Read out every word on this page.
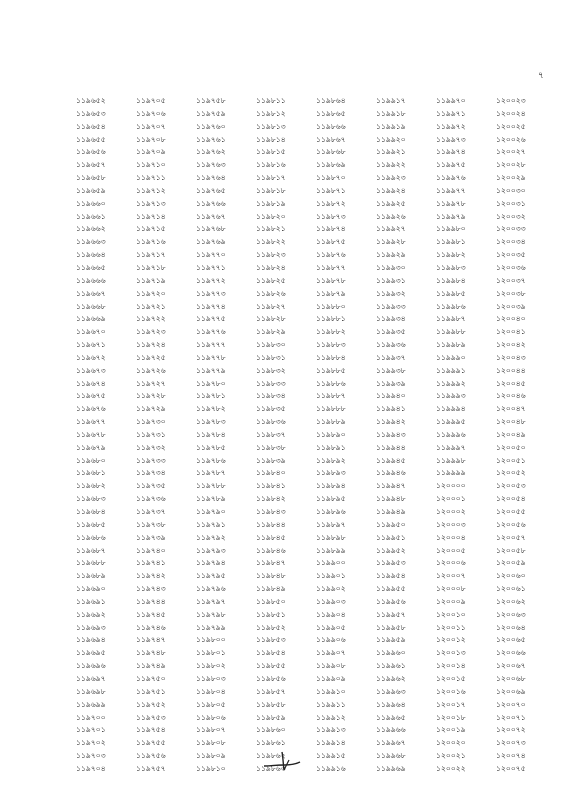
৭
১১৯৬৫২
১১৯৬৫৩
১১৯৬৫৪
১১৯৬৫৫
১১৯৬৫৬
১১৯৬৫৭
১১৯৬৫৮
১১৯৬৫৯
১১৯৬৬০
১১৯৬৬১
১১৯৬৬২
১১৯৬৬৩
১১৯৬৬৪
১১৯৬৬৫
১১৯৬৬৬
১১৯৬৬৭
১১৯৬৬৮
১১৯৬৬৯
১১৯৬৭০
১১৯৬৭১
১১৯৬৭২
১১৯৬৭৩
১১৯৬৭৪
১১৯৬৭৫
১১৯৬৭৬
১১৯৬৭৭
১১৯৬৭৮
১১৯৬৭৯
১১৯৬৮০
১১৯৬৮১
১১৯৬৮২
১১৯৬৮৩
১১৯৬৮৪
১১৯৬৮৫
১১৯৬৮৬
১১৯৬৮৭
১১৯৬৮৮
১১৯৬৮৯
১১৯৬৯০
১১৯৬৯১
১১৯৬৯২
১১৯৬৯৩
১১৯৬৯৪
১১৯৬৯৫
১১৯৬৯৬
১১৯৬৯৭
১১৯৬৯৮
১১৯৬৯৯
১১৯৭০০
১১৯৭০১
১১৯৭০২
১১৯৭০৩
১১৯৭০৪
১১৯৭০৫
১১৯৭০৬
১১৯৭০৭
১১৯৭০৮
১১৯৭০৯
১১৯৭১০
১১৯৭১১
১১৯৭১২
১১৯৭১৩
১১৯৭১৪
১১৯৭১৫
১১৯৭১৬
১১৯৭১৭
১১৯৭১৮
১১৯৭১৯
১১৯৭২০
১১৯৭২১
১১৯৭২২
১১৯৭২৩
১১৯৭২৪
১১৯৭২৫
১১৯৭২৬
১১৯৭২৭
১১৯৭২৮
১১৯৭২৯
১১৯৭৩০
১১৯৭৩১
১১৯৭৩২
১১৯৭৩৩
১১৯৭৩৪
১১৯৭৩৫
১১৯৭৩৬
১১৯৭৩৭
১১৯৭৩৮
১১৯৭৩৯
১১৯৭৪০
১১৯৭৪১
১১৯৭৪২
১১৯৭৪৩
১১৯৭৪৪
১১৯৭৪৫
১১৯৭৪৬
১১৯৭৪৭
১১৯৭৪৮
১১৯৭৪৯
১১৯৭৫০
১১৯৭৫১
১১৯৭৫২
১১৯৭৫৩
১১৯৭৫৪
১১৯৭৫৫
১১৯৭৫৬
১১৯৭৫৭
১১৯৭৫৮
১১৯৭৫৯
১১৯৭৬০
১১৯৭৬১
১১৯৭৬২
১১৯৭৬৩
১১৯৭৬৪
১১৯৭৬৫
১১৯৭৬৬
১১৯৭৬৭
১১৯৭৬৮
১১৯৭৬৯
১১৯৭৭০
১১৯৭৭১
১১৯৭৭২
১১৯৭৭৩
১১৯৭৭৪
১১৯৭৭৫
১১৯৭৭৬
১১৯৭৭৭
১১৯৭৭৮
১১৯৭৭৯
১১৯৭৮০
১১৯৭৮১
১১৯৭৮২
১১৯৭৮৩
১১৯৭৮৪
১১৯৭৮৫
১১৯৭৮৬
১১৯৭৮৭
১১৯৭৮৮
১১৯৭৮৯
১১৯৭৯০
১১৯৭৯১
১১৯৭৯২
১১৯৭৯৩
১১৯৭৯৪
১১৯৭৯৫
১১৯৭৯৬
১১৯৭৯৭
১১৯৭৯৮
১১৯৭৯৯
১১৯৮০০
১১৯৮০১
১১৯৮০২
১১৯৮০৩
১১৯৮০৪
১১৯৮০৫
১১৯৮০৬
১১৯৮০৭
১১৯৮০৮
১১৯৮০৯
১১৯৮১০
১১৯৮১১
১১৯৮১২
১১৯৮১৩
১১৯৮১৪
১১৯৮১৫
১১৯৮১৬
১১৯৮১৭
১১৯৮১৮
১১৯৮১৯
১১৯৮২০
১১৯৮২১
১১৯৮২২
১১৯৮২৩
১১৯৮২৪
১১৯৮২৫
১১৯৮২৬
১১৯৮২৭
১১৯৮২৮
১১৯৮২৯
১১৯৮৩০
১১৯৮৩১
১১৯৮৩২
১১৯৮৩৩
১১৯৮৩৪
১১৯৮৩৫
১১৯৮৩৬
১১৯৮৩৭
১১৯৮৩৮
১১৯৮৩৯
১১৯৮৪০
১১৯৮৪১
১১৯৮৪২
১১৯৮৪৩
১১৯৮৪৪
১১৯৮৪৫
১১৯৮৪৬
১১৯৮৪৭
১১৯৮৪৮
১১৯৮৪৯
১১৯৮৫০
১১৯৮৫১
১১৯৮৫২
১১৯৮৫৩
১১৯৮৫৪
১১৯৮৫৫
১১৯৮৫৬
১১৯৮৫৭
১১৯৮৫৮
১১৯৮৫৯
১১৯৮৬০
১১৯৮৬১
১১৯৮৬২
১১৯৮৬৩
১১৯৮৬৪
১১৯৮৬৫
১১৯৮৬৬
১১৯৮৬৭
১১৯৮৬৮
১১৯৮৬৯
১১৯৮৭০
১১৯৮৭১
১১৯৮৭২
১১৯৮৭৩
১১৯৮৭৪
১১৯৮৭৫
১১৯৮৭৬
১১৯৮৭৭
১১৯৮৭৮
১১৯৮৭৯
১১৯৮৮০
১১৯৮৮১
১১৯৮৮২
১১৯৮৮৩
১১৯৮৮৪
১১৯৮৮৫
১১৯৮৮৬
১১৯৮৮৭
১১৯৮৮৮
১১৯৮৮৯
১১৯৮৯০
১১৯৮৯১
১১৯৮৯২
১১৯৮৯৩
১১৯৮৯৪
১১৯৮৯৫
১১৯৮৯৬
১১৯৮৯৭
১১৯৮৯৮
১১৯৮৯৯
১১৯৯০০
১১৯৯০১
১১৯৯০২
১১৯৯০৩
১১৯৯০৪
১১৯৯০৫
১১৯৯০৬
১১৯৯০৭
১১৯৯০৮
১১৯৯০৯
১১৯৯১০
১১৯৯১১
১১৯৯১২
১১৯৯১৩
১১৯৯১৪
১১৯৯১৫
১১৯৯১৬
১১৯৯১৭
১১৯৯১৮
১১৯৯১৯
১১৯৯২০
১১৯৯২১
১১৯৯২২
১১৯৯২৩
১১৯৯২৪
১১৯৯২৫
১১৯৯২৬
১১৯৯২৭
১১৯৯২৮
১১৯৯২৯
১১৯৯৩০
১১৯৯৩১
১১৯৯৩২
১১৯৯৩৩
১১৯৯৩৪
১১৯৯৩৫
১১৯৯৩৬
১১৯৯৩৭
১১৯৯৩৮
১১৯৯৩৯
১১৯৯৪০
১১৯৯৪১
১১৯৯৪২
১১৯৯৪৩
১১৯৯৪৪
১১৯৯৪৫
১১৯৯৪৬
১১৯৯৪৭
১১৯৯৪৮
১১৯৯৪৯
১১৯৯৫০
১১৯৯৫১
১১৯৯৫২
১১৯৯৫৩
১১৯৯৫৪
১১৯৯৫৫
১১৯৯৫৬
১১৯৯৫৭
১১৯৯৫৮
১১৯৯৫৯
১১৯৯৬০
১১৯৯৬১
১১৯৯৬২
১১৯৯৬৩
১১৯৯৬৪
১১৯৯৬৫
১১৯৯৬৬
১১৯৯৬৭
১১৯৯৬৮
১১৯৯৬৯
১১৯৯৭০
১১৯৯৭১
১১৯৯৭২
১১৯৯৭৩
১১৯৯৭৪
১১৯৯৭৫
১১৯৯৭৬
১১৯৯৭৭
১১৯৯৭৮
১১৯৯৭৯
১১৯৯৮০
১১৯৯৮১
১১৯৯৮২
১১৯৯৮৩
১১৯৯৮৪
১১৯৯৮৫
১১৯৯৮৬
১১৯৯৮৭
১১৯৯৮৮
১১৯৯৮৯
১১৯৯৯০
১১৯৯৯১
১১৯৯৯২
১১৯৯৯৩
১১৯৯৯৪
১১৯৯৯৫
১১৯৯৯৬
১১৯৯৯৭
১১৯৯৯৮
১১৯৯৯৯
১২০০০০
১২০০০১
১২০০০২
১২০০০৩
১২০০০৪
১২০০০৫
১২০০০৬
১২০০০৭
১২০০০৮
১২০০০৯
১২০০১০
১২০০১১
১২০০১২
১২০০১৩
১২০০১৪
১২০০১৫
১২০০১৬
১২০০১৭
১২০০১৮
১২০০১৯
১২০০২০
১২০০২১
১২০০২২
১২০০২৩
১২০০২৪
১২০০২৫
১২০০২৬
১২০০২৭
১২০০২৮
১২০০২৯
১২০০৩০
১২০০৩১
১২০০৩২
১২০০৩৩
১২০০৩৪
১২০০৩৫
১২০০৩৬
১২০০৩৭
১২০০৩৮
১২০০৩৯
১২০০৪০
১২০০৪১
১২০০৪২
১২০০৪৩
১২০০৪৪
১২০০৪৫
১২০০৪৬
১২০০৪৭
১২০০৪৮
১২০০৪৯
১২০০৫০
১২০০৫১
১২০০৫২
১২০০৫৩
১২০০৫৪
১২০০৫৫
১২০০৫৬
১২০০৫৭
১২০০৫৮
১২০০৫৯
১২০০৬০
১২০০৬১
১২০০৬২
১২০০৬৩
১২০০৬৪
১২০০৬৫
১২০০৬৬
১২০০৬৭
১২০০৬৮
১২০০৬৯
১২০০৭০
১২০০৭১
১২০০৭২
১২০০৭৩
১২০০৭৪
১২০০৭৫
